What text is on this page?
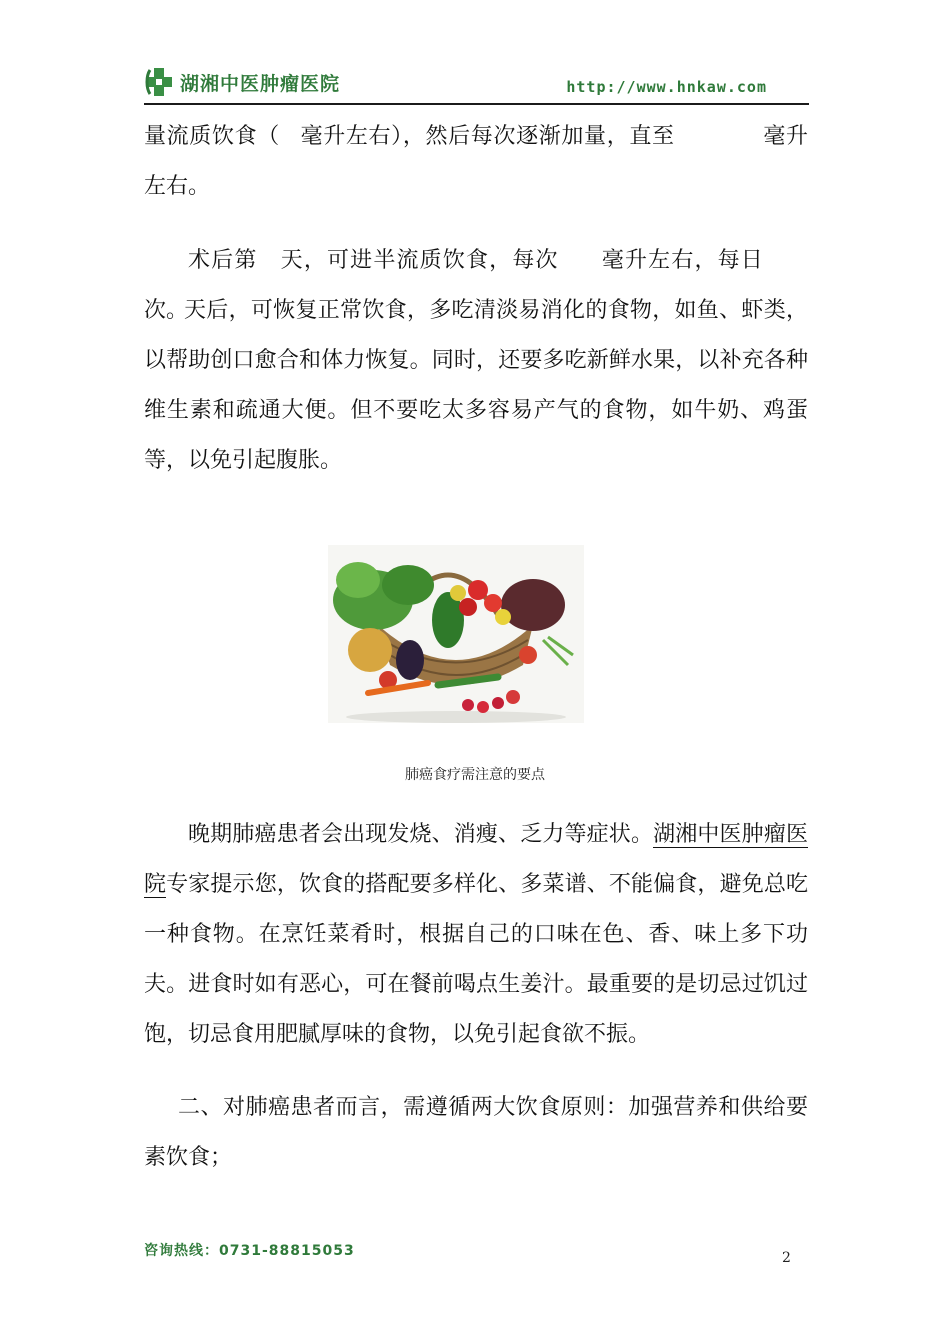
湖湘中医肿瘤医院	http://www.hnkaw.com

量流质饮食（ 毫升左右），然后每次逐渐加量，直至	毫升左右。

术后第 天，可进半流质饮食，每次 毫升左右，每日次。

天后，可恢复正常饮食，多吃清淡易消化的食物，如鱼、虾类，以帮助创口愈合和体力恢复。同时，还要多吃新鲜水果，以补充各种维生素和疏通大便。但不要吃太多容易产气的食物，如牛奶、鸡蛋等，以免引起腹胀。

肺癌食疗需注意的要点

晚期肺癌患者会出现发烧、消瘦、乏力等症状。湖湘中医肿瘤医院专家提示您，饮食的搭配要多样化、多菜谱、不能偏食，避免总吃一种食物。在烹饪菜肴时，根据自己的口味在色、香、味上多下功夫。进食时如有恶心，可在餐前喝点生姜汁。最重要的是切忌过饥过饱，切忌食用肥腻厚味的食物，以免引起食欲不振。

二、对肺癌患者而言，需遵循两大饮食原则：加强营养和供给要素饮食；

咨询热线：0731-88815053	2
